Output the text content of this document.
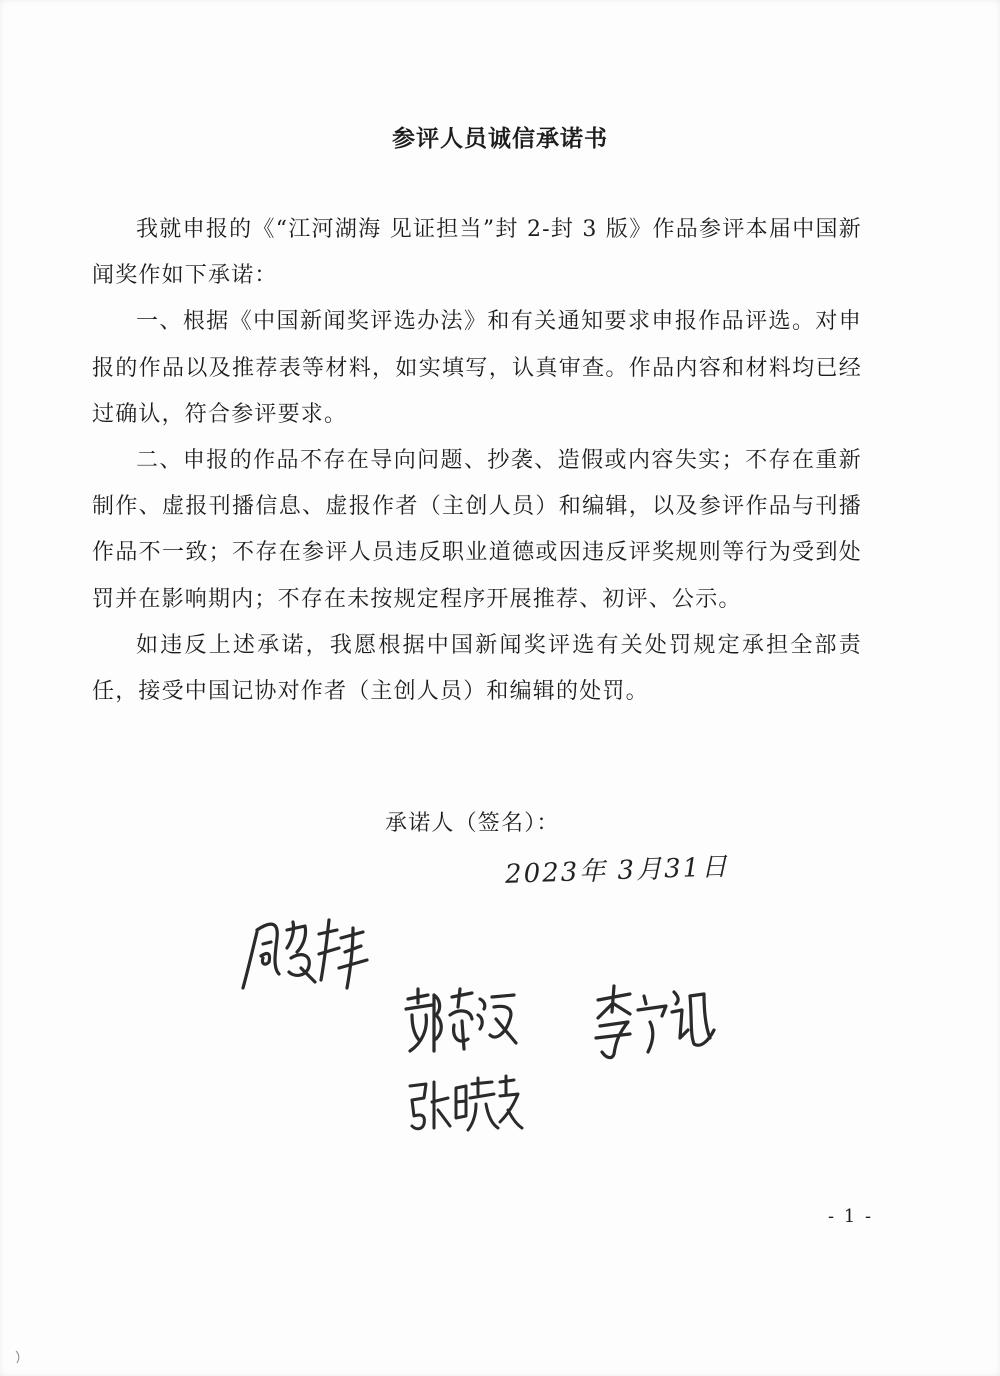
参评人员诚信承诺书

我就申报的《“江河湖海 见证担当”封 2-封 3 版》作品参评本届中国新闻奖作如下承诺：

一、根据《中国新闻奖评选办法》和有关通知要求申报作品评选。对申报的作品以及推荐表等材料，如实填写，认真审查。作品内容和材料均已经过确认，符合参评要求。

二、申报的作品不存在导向问题、抄袭、造假或内容失实；不存在重新制作、虚报刊播信息、虚报作者（主创人员）和编辑，以及参评作品与刊播作品不一致；不存在参评人员违反职业道德或因违反评奖规则等行为受到处罚并在影响期内；不存在未按规定程序开展推荐、初评、公示。

如违反上述承诺，我愿根据中国新闻奖评选有关处罚规定承担全部责任，接受中国记协对作者（主创人员）和编辑的处罚。

承诺人（签名）：
2023年 3月31日
- 1 -
